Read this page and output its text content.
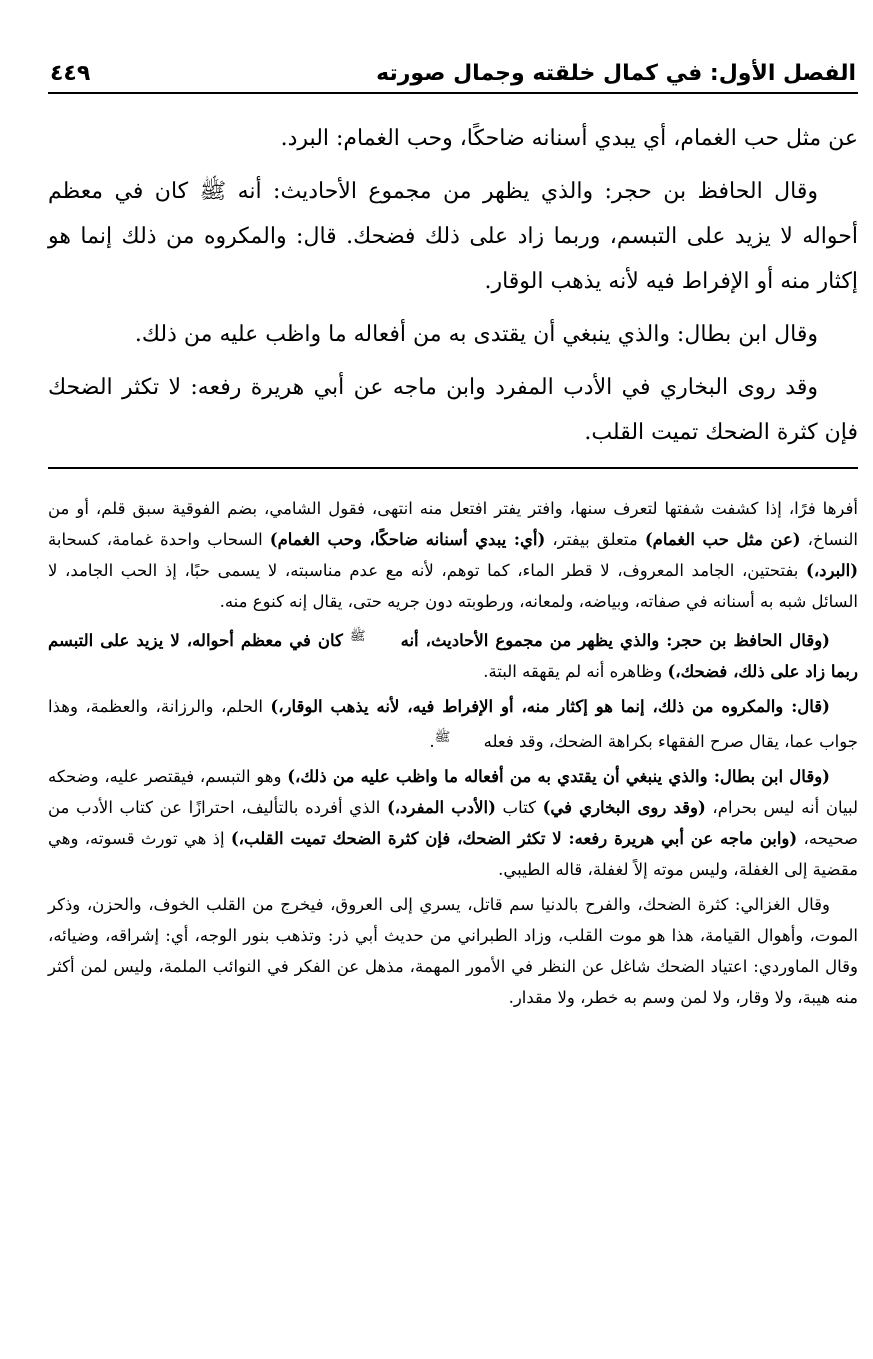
الفصل الأول: في كمال خلقته وجمال صورته
٤٤٩

عن مثل حب الغمام، أي يبدي أسنانه ضاحكًا، وحب الغمام: البرد.

وقال الحافظ بن حجر: والذي يظهر من مجموع الأحاديث: أنه ﷺ كان في معظم أحواله لا يزيد على التبسم، وربما زاد على ذلك فضحك. قال: والمكروه من ذلك إنما هو إكثار منه أو الإفراط فيه لأنه يذهب الوقار.

وقال ابن بطال: والذي ينبغي أن يقتدى به من أفعاله ما واظب عليه من ذلك.

وقد روى البخاري في الأدب المفرد وابن ماجه عن أبي هريرة رفعه: لا تكثر الضحك فإن كثرة الضحك تميت القلب.

أفرها فرًا، إذا كشفت شفتها لتعرف سنها، وافتر يفتر افتعل منه انتهى، فقول الشامي، بضم الفوقية سبق قلم، أو من النساخ، (عن مثل حب الغمام) متعلق بيفتر، (أي: يبدي أسنانه ضاحكًا، وحب الغمام) السحاب واحدة غمامة، كسحابة (البرد،) بفتحتين، الجامد المعروف، لا قطر الماء، كما توهم، لأنه مع عدم مناسبته، لا يسمى حبًا، إذ الحب الجامد، لا السائل شبه به أسنانه في صفاته، وبياضه، ولمعانه، ورطوبته دون جريه حتى، يقال إنه كنوع منه.

(وقال الحافظ بن حجر: والذي يظهر من مجموع الأحاديث، أنه ﷺ كان في معظم أحواله، لا يزيد على التبسم ربما زاد على ذلك، فضحك،) وظاهره أنه لم يقهقه البتة.

(قال: والمكروه من ذلك، إنما هو إكثار منه، أو الإفراط فيه، لأنه يذهب الوقار،) الحلم، والرزانة، والعظمة، وهذا جواب عما، يقال صرح الفقهاء بكراهة الضحك، وقد فعله ﷺ.

(وقال ابن بطال: والذي ينبغي أن يقتدي به من أفعاله ما واظب عليه من ذلك،) وهو التبسم، فيقتصر عليه، وضحكه لبيان أنه ليس بحرام، (وقد روى البخاري في) كتاب (الأدب المفرد،) الذي أفرده بالتأليف، احترازًا عن كتاب الأدب من صحيحه، (وابن ماجه عن أبي هريرة رفعه: لا تكثر الضحك، فإن كثرة الضحك تميت القلب،) إذ هي تورث قسوته، وهي مقضية إلى الغفلة، وليس موته إلاً لغفلة، قاله الطيبي.

وقال الغزالي: كثرة الضحك، والفرح بالدنيا سم قاتل، يسري إلى العروق، فيخرج من القلب الخوف، والحزن، وذكر الموت، وأهوال القيامة، هذا هو موت القلب، وزاد الطبراني من حديث أبي ذر: وتذهب بنور الوجه، أي: إشراقه، وضيائه، وقال الماوردي: اعتياد الضحك شاغل عن النظر في الأمور المهمة، مذهل عن الفكر في النوائب الملمة، وليس لمن أكثر منه هيبة، ولا وقار، ولا لمن وسم به خطر، ولا مقدار.
